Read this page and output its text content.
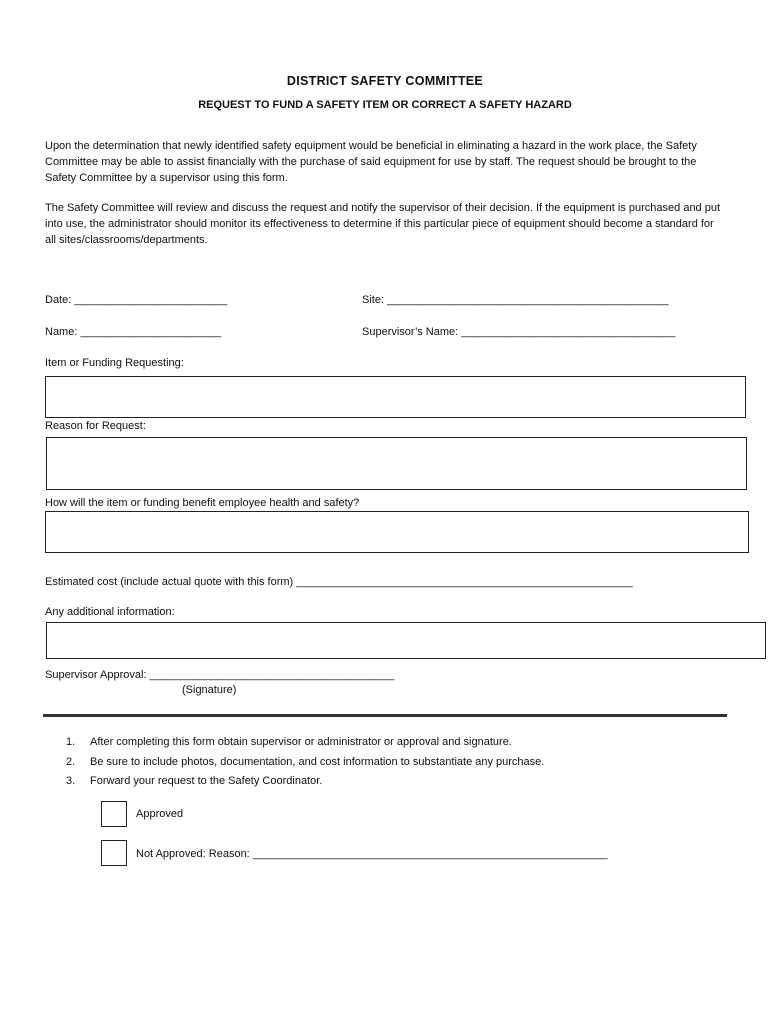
DISTRICT SAFETY COMMITTEE
REQUEST TO FUND A SAFETY ITEM OR CORRECT A SAFETY HAZARD
Upon the determination that newly identified safety equipment would be beneficial in eliminating a hazard in the work place, the Safety Committee may be able to assist financially with the purchase of said equipment for use by staff. The request should be brought to the Safety Committee by a supervisor using this form.
The Safety Committee will review and discuss the request and notify the supervisor of their decision. If the equipment is purchased and put into use, the administrator should monitor its effectiveness to determine if this particular piece of equipment should become a standard for all sites/classrooms/departments.
Date: _________________________	Site: ______________________________________________
Name: _______________________	Supervisor’s Name: ___________________________________
Item or Funding Requesting:
Reason for Request:
How will the item or funding benefit employee health and safety?
Estimated cost (include actual quote with this form) _______________________________________________________
Any additional information:
Supervisor Approval: ________________________________________
(Signature)
1. After completing this form obtain supervisor or administrator or approval and signature.
2. Be sure to include photos, documentation, and cost information to substantiate any purchase.
3. Forward your request to the Safety Coordinator.
Approved
Not Approved: Reason: __________________________________________________________
